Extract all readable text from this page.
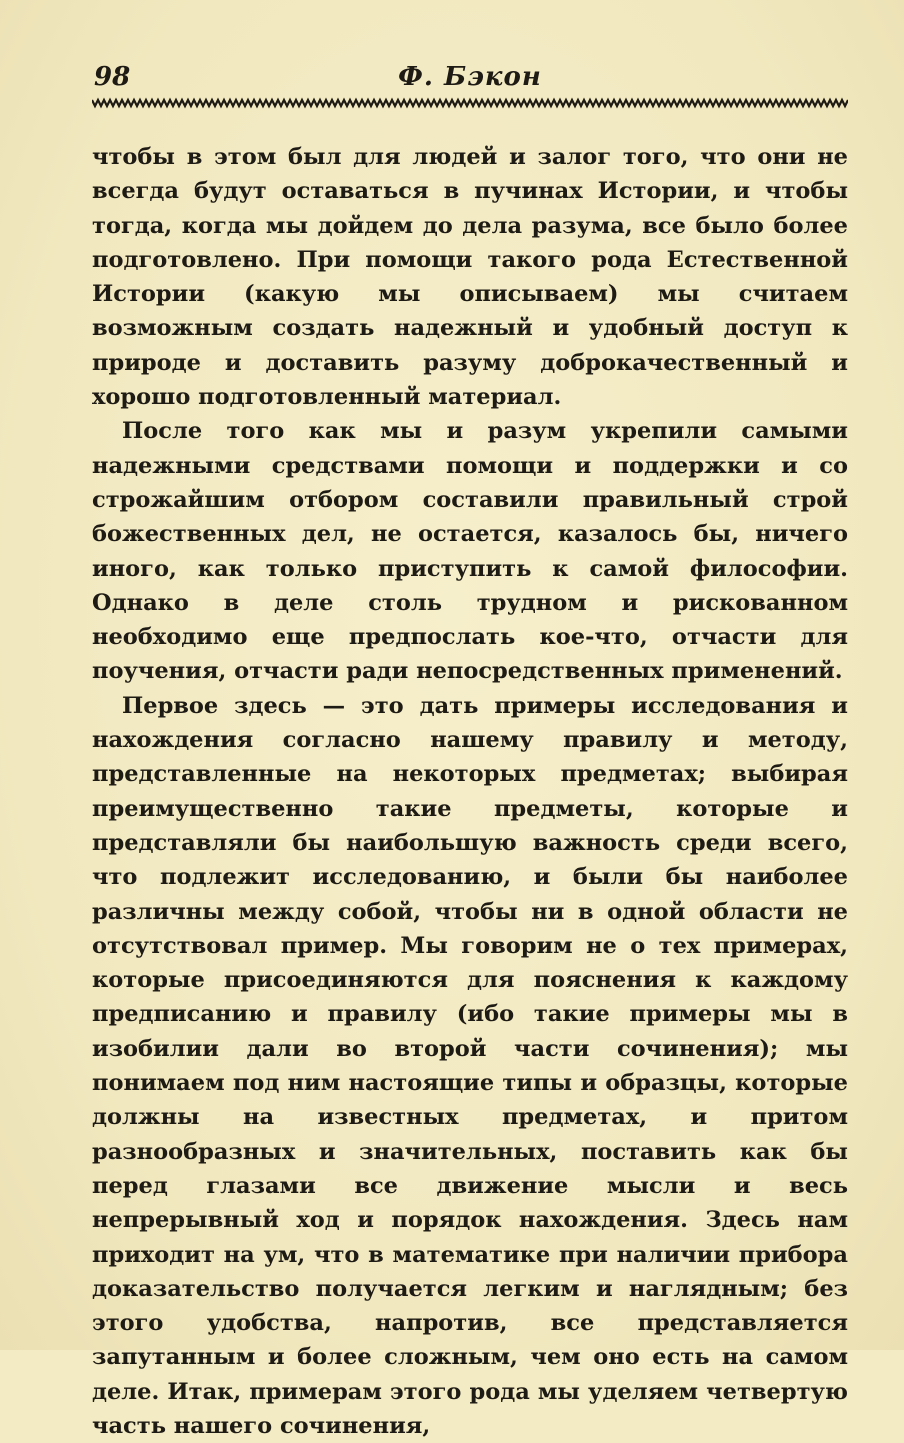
98	Ф. Бэкон

чтобы в этом был для людей и залог того, что они не всегда будут оставаться в пучинах Истории, и чтобы тогда, когда мы дойдем до дела разума, все было более подготовлено. При помощи такого рода Естественной Истории (какую мы описываем) мы считаем возможным создать надежный и удобный доступ к природе и доставить разуму доброкачественный и хорошо подготовленный материал.

После того как мы и разум укрепили самыми надежными средствами помощи и поддержки и со строжайшим отбором составили правильный строй божественных дел, не остается, казалось бы, ничего иного, как только приступить к самой философии. Однако в деле столь трудном и рискованном необходимо еще предпослать кое-что, отчасти для поучения, отчасти ради непосредственных применений.

Первое здесь — это дать примеры исследования и нахождения согласно нашему правилу и методу, представленные на некоторых предметах; выбирая преимущественно такие предметы, которые и представляли бы наибольшую важность среди всего, что подлежит исследованию, и были бы наиболее различны между собой, чтобы ни в одной области не отсутствовал пример. Мы говорим не о тех примерах, которые присоединяются для пояснения к каждому предписанию и правилу (ибо такие примеры мы в изобилии дали во второй части сочинения); мы понимаем под ним настоящие типы и образцы, которые должны на известных предметах, и притом разнообразных и значительных, поставить как бы перед глазами все движение мысли и весь непрерывный ход и порядок нахождения. Здесь нам приходит на ум, что в математике при наличии прибора доказательство получается легким и наглядным; без этого удобства, напротив, все представляется запутанным и более сложным, чем оно есть на самом деле. Итак, примерам этого рода мы уделяем четвертую часть нашего сочинения,
